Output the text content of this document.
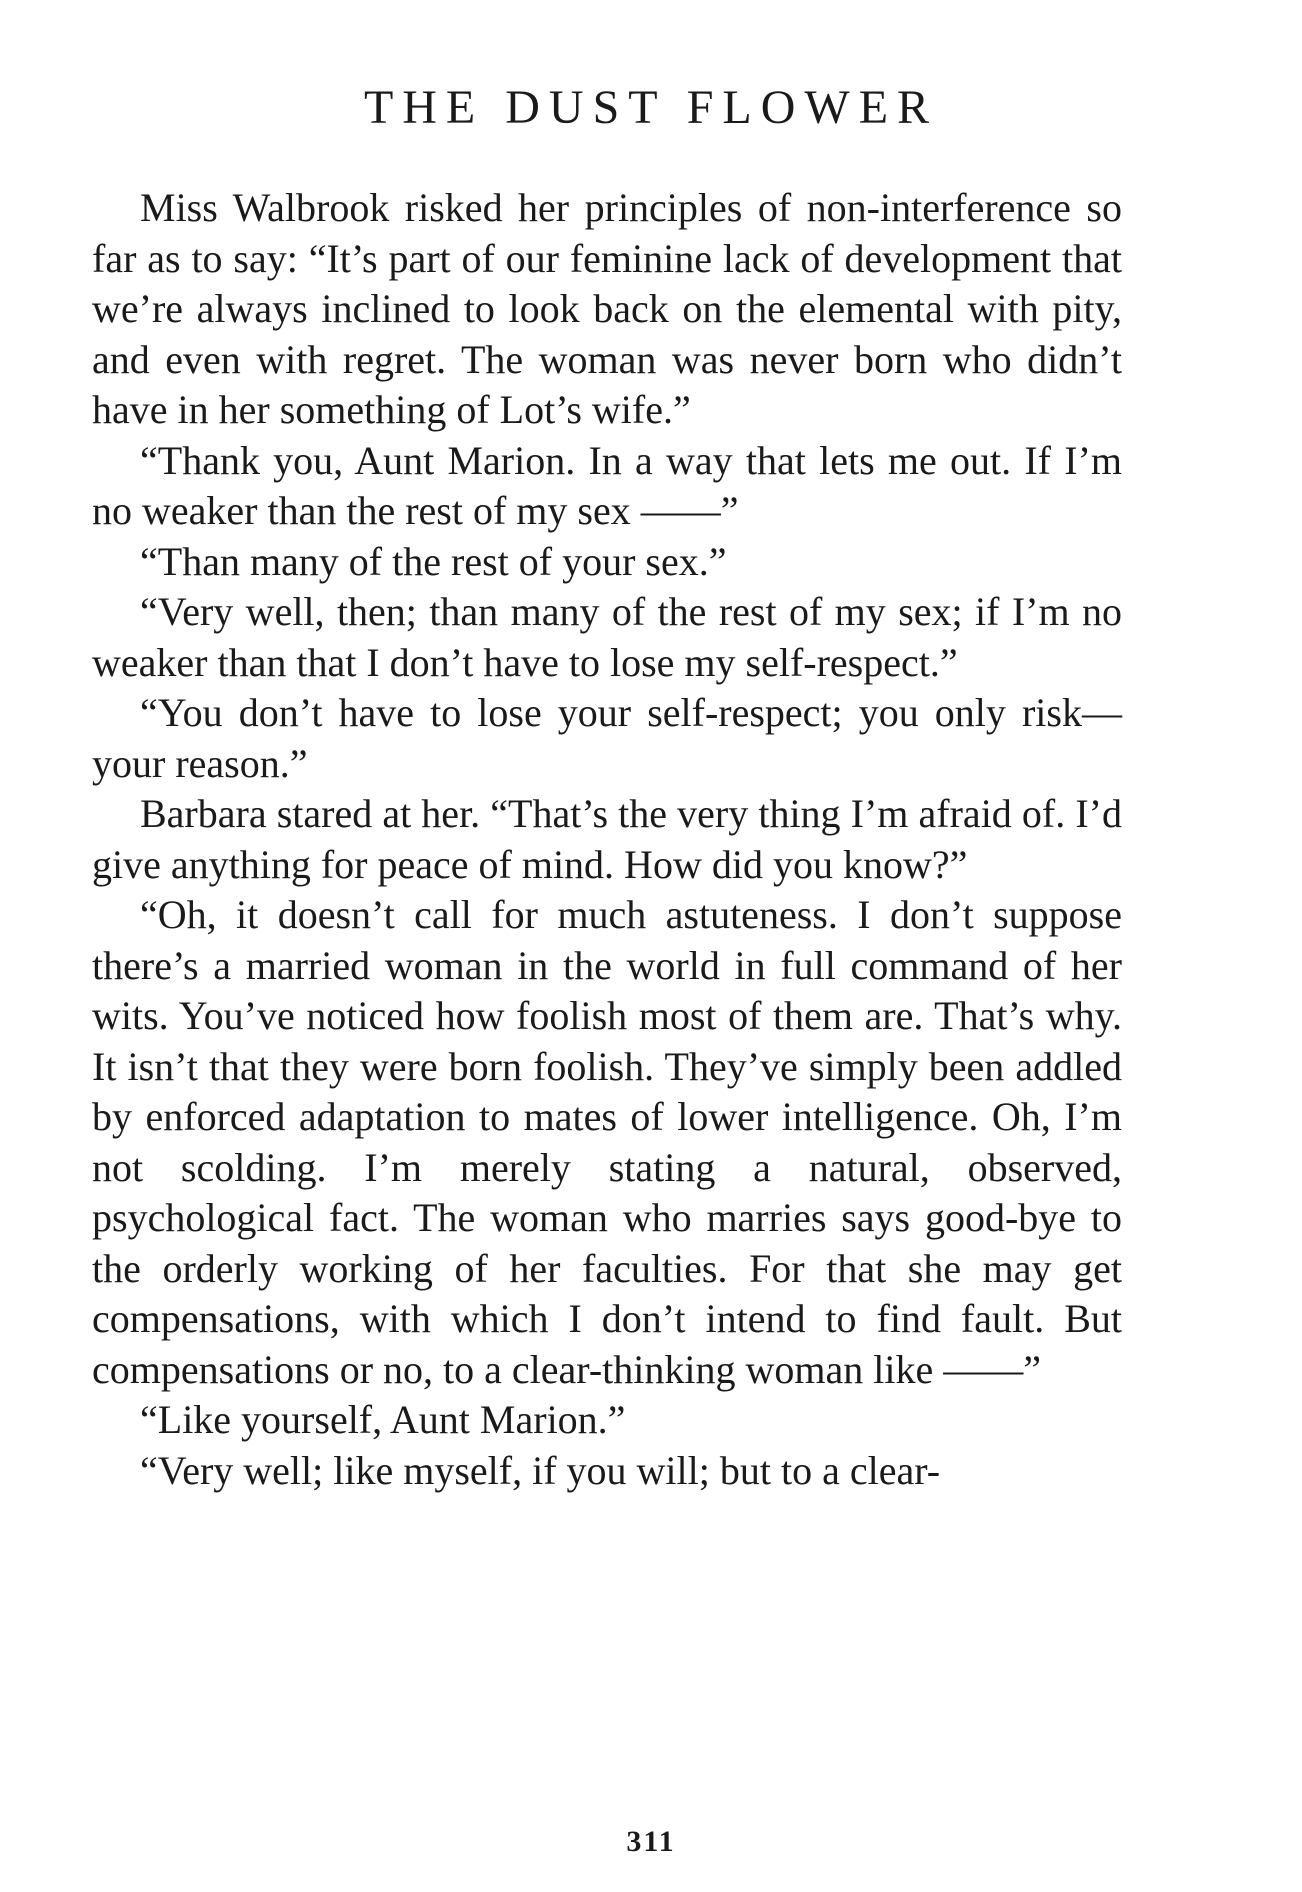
THE DUST FLOWER

Miss Walbrook risked her principles of non-interference so far as to say: “It’s part of our feminine lack of development that we’re always inclined to look back on the elemental with pity, and even with regret. The woman was never born who didn’t have in her something of Lot’s wife.”

“Thank you, Aunt Marion. In a way that lets me out. If I’m no weaker than the rest of my sex ——”

“Than many of the rest of your sex.”

“Very well, then; than many of the rest of my sex; if I’m no weaker than that I don’t have to lose my self-respect.”

“You don’t have to lose your self-respect; you only risk—your reason.”

Barbara stared at her. “That’s the very thing I’m afraid of. I’d give anything for peace of mind. How did you know?”

“Oh, it doesn’t call for much astuteness. I don’t suppose there’s a married woman in the world in full command of her wits. You’ve noticed how foolish most of them are. That’s why. It isn’t that they were born foolish. They’ve simply been addled by enforced adaptation to mates of lower intelligence. Oh, I’m not scolding. I’m merely stating a natural, observed, psychological fact. The woman who marries says good-bye to the orderly working of her faculties. For that she may get compensations, with which I don’t intend to find fault. But compensations or no, to a clear-thinking woman like ——”

“Like yourself, Aunt Marion.”

“Very well; like myself, if you will; but to a clear-

311
